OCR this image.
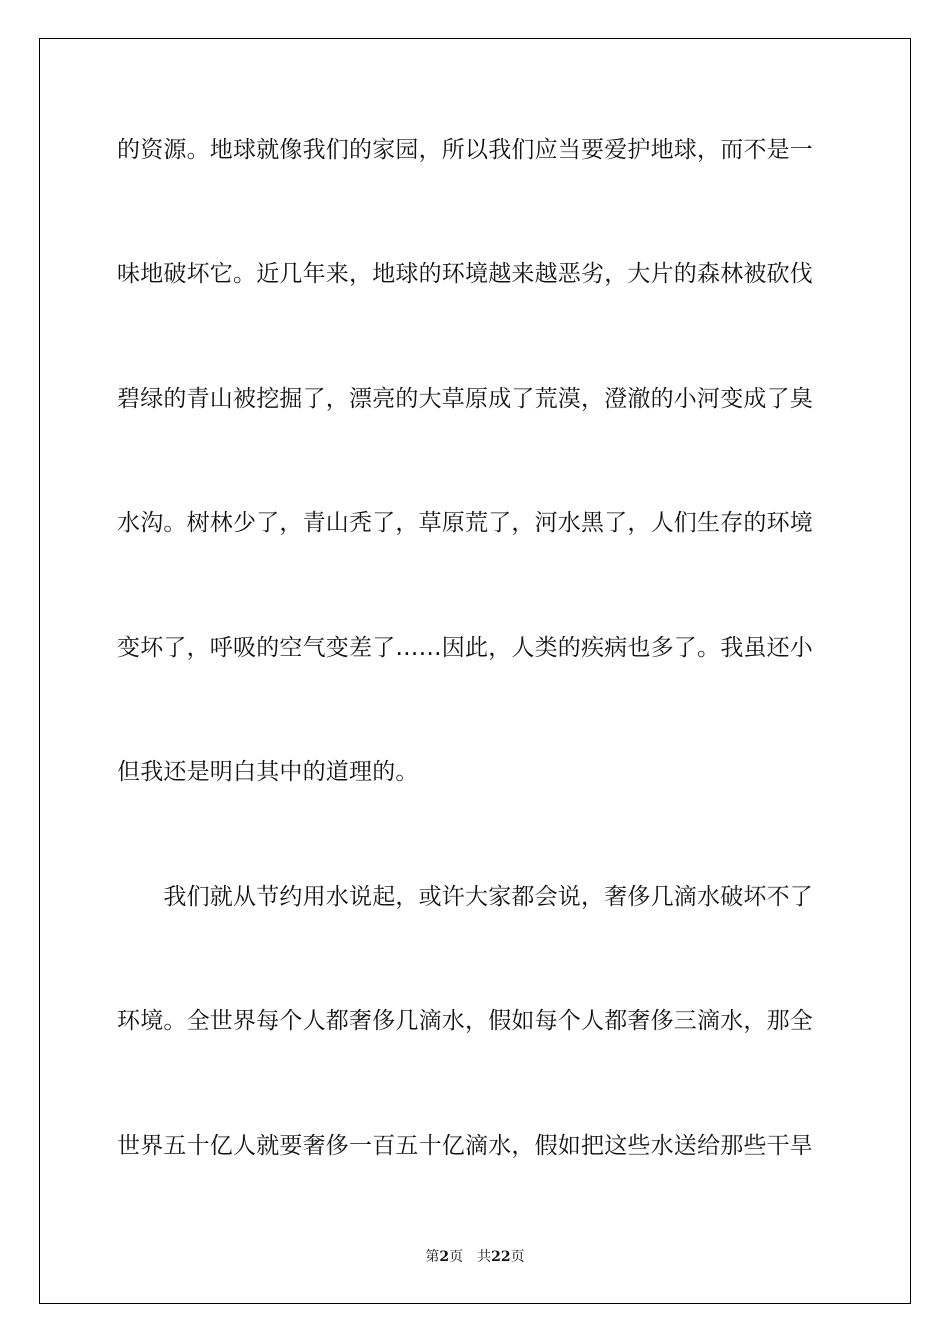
的资源。地球就像我们的家园，所以我们应当要爱护地球，而不是一
味地破坏它。近几年来，地球的环境越来越恶劣，大片的森林被砍伐
碧绿的青山被挖掘了，漂亮的大草原成了荒漠，澄澈的小河变成了臭
水沟。树林少了，青山秃了，草原荒了，河水黑了，人们生存的环境
变坏了，呼吸的空气变差了……因此，人类的疾病也多了。我虽还小
但我还是明白其中的道理的。
　　我们就从节约用水说起，或许大家都会说，奢侈几滴水破坏不了
环境。全世界每个人都奢侈几滴水，假如每个人都奢侈三滴水，那全
世界五十亿人就要奢侈一百五十亿滴水，假如把这些水送给那些干旱
第2页 共22页
